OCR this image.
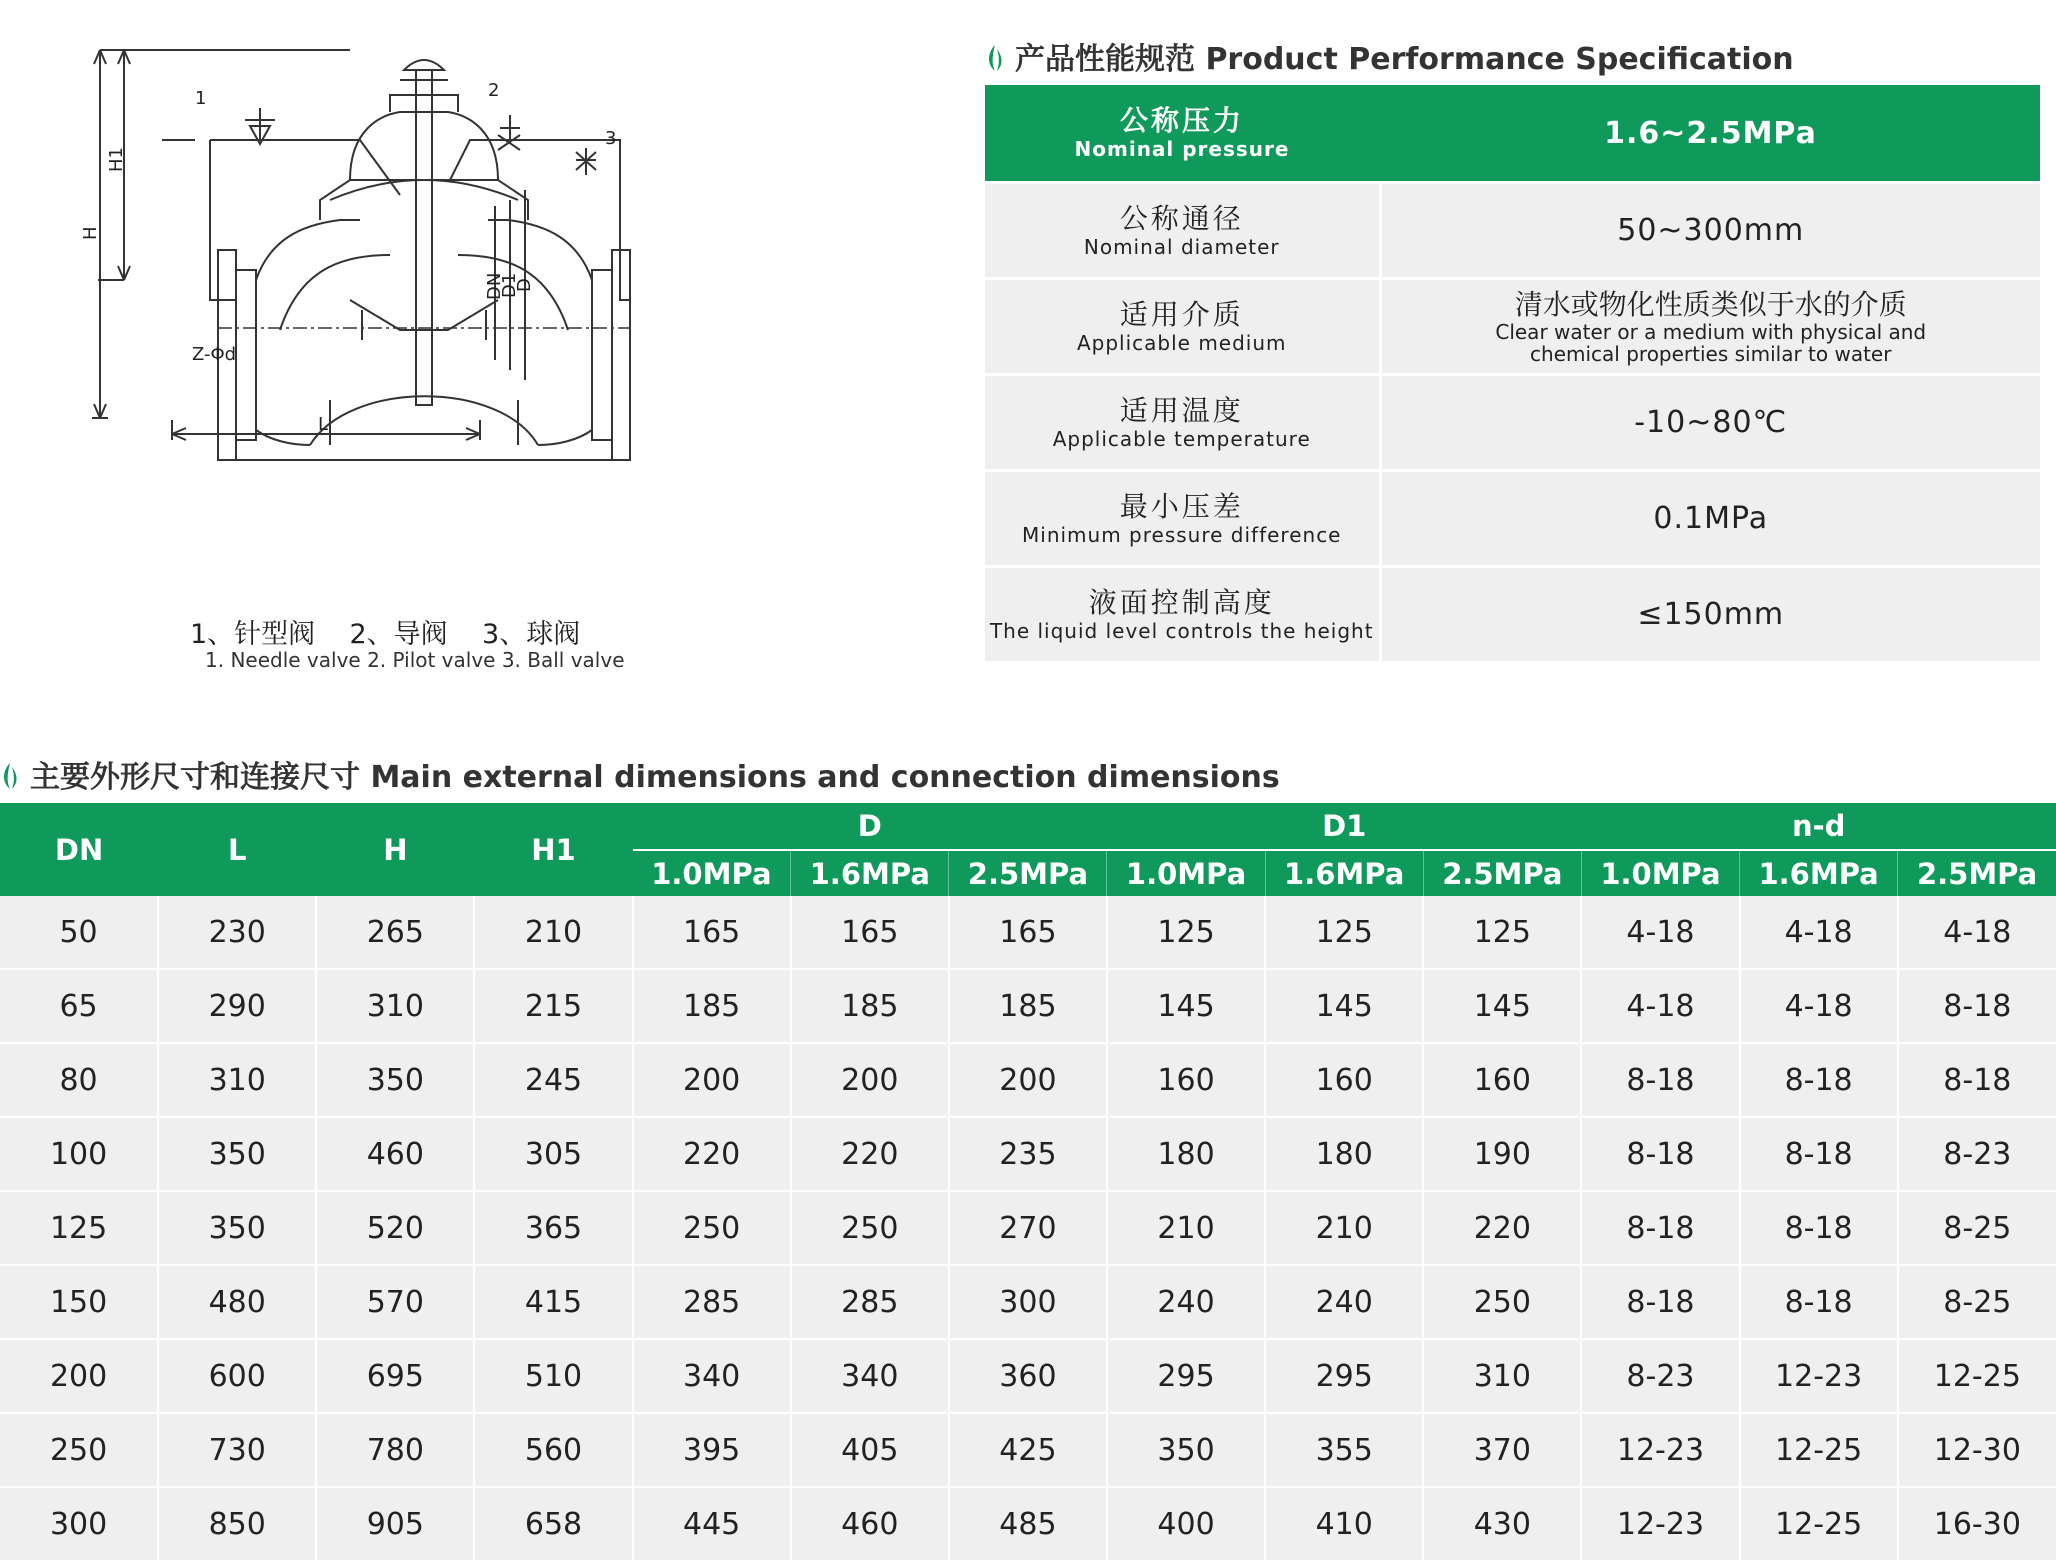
1	2
3
H
H1
DN
D1
D
L
Z-Φd
1、针型阀    2、导阀    3、球阀
1. Needle valve 2. Pilot valve 3. Ball valve
产品性能规范 Product Performance Specification
公称压力
Nominal pressure	1.6~2.5MPa

公称通径
Nominal diameter	50~300mm

适用介质
Applicable medium	清水或物化性质类似于水的介质
Clear water or a medium with physical and chemical properties similar to water

适用温度
Applicable temperature	-10~80℃

最小压差
Minimum pressure difference	0.1MPa

液面控制高度
The liquid level controls the height	≤150mm
主要外形尺寸和连接尺寸 Main external dimensions and connection dimensions
DN	L	H	H1	D			D1			n-d		
				1.0MPa	1.6MPa	2.5MPa	1.0MPa	1.6MPa	2.5MPa	1.0MPa	1.6MPa	2.5MPa
50	230	265	210	165	165	165	125	125	125	4-18	4-18	4-18
65	290	310	215	185	185	185	145	145	145	4-18	4-18	8-18
80	310	350	245	200	200	200	160	160	160	8-18	8-18	8-18
100	350	460	305	220	220	235	180	180	190	8-18	8-18	8-23
125	350	520	365	250	250	270	210	210	220	8-18	8-18	8-25
150	480	570	415	285	285	300	240	240	250	8-18	8-18	8-25
200	600	695	510	340	340	360	295	295	310	8-23	12-23	12-25
250	730	780	560	395	405	425	350	355	370	12-23	12-25	12-30
300	850	905	658	445	460	485	400	410	430	12-23	12-25	16-30
